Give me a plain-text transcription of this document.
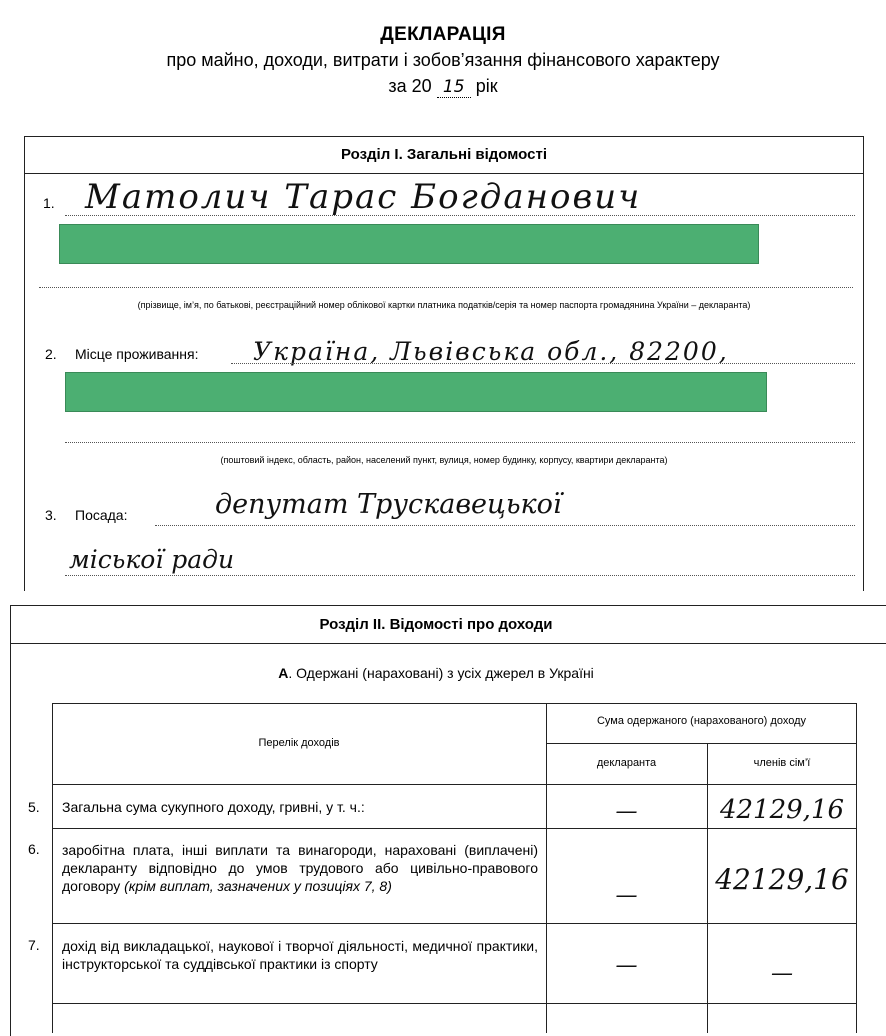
ДЕКЛАРАЦІЯ
про майно, доходи, витрати і зобов’язання фінансового характеру
за 20 15 рік
Розділ І. Загальні відомості
1. Матолич Тарас Богданович
(прізвище, ім’я, по батькові, реєстраційний номер облікової картки платника податків/серія та номер паспорта громадянина України – декларанта)
2. Місце проживання: Україна, Львівська обл., 82200,
(поштовий індекс, область, район, населений пункт, вулиця, номер будинку, корпусу, квартири декларанта)
3. Посада:	депутат Трускавецької
міської ради
Розділ ІІ. Відомості про доходи
А. Одержані (нараховані) з усіх джерел в Україні
Перелік доходів
Сума одержаного (нарахованого) доходу
декларанта	членів сім’ї
5. Загальна сума сукупного доходу, гривні, у т. ч.:	—	42129,16
6. заробітна плата, інші виплати та винагороди, нараховані (виплачені) декларанту відповідно до умов трудового або цивільно-правового договору (крім виплат, зазначених у позиціях 7, 8)	—	42129,16
7. дохід від викладацької, наукової і творчої діяльності, медичної практики, інструкторської та суддівської практики із спорту	—	—
